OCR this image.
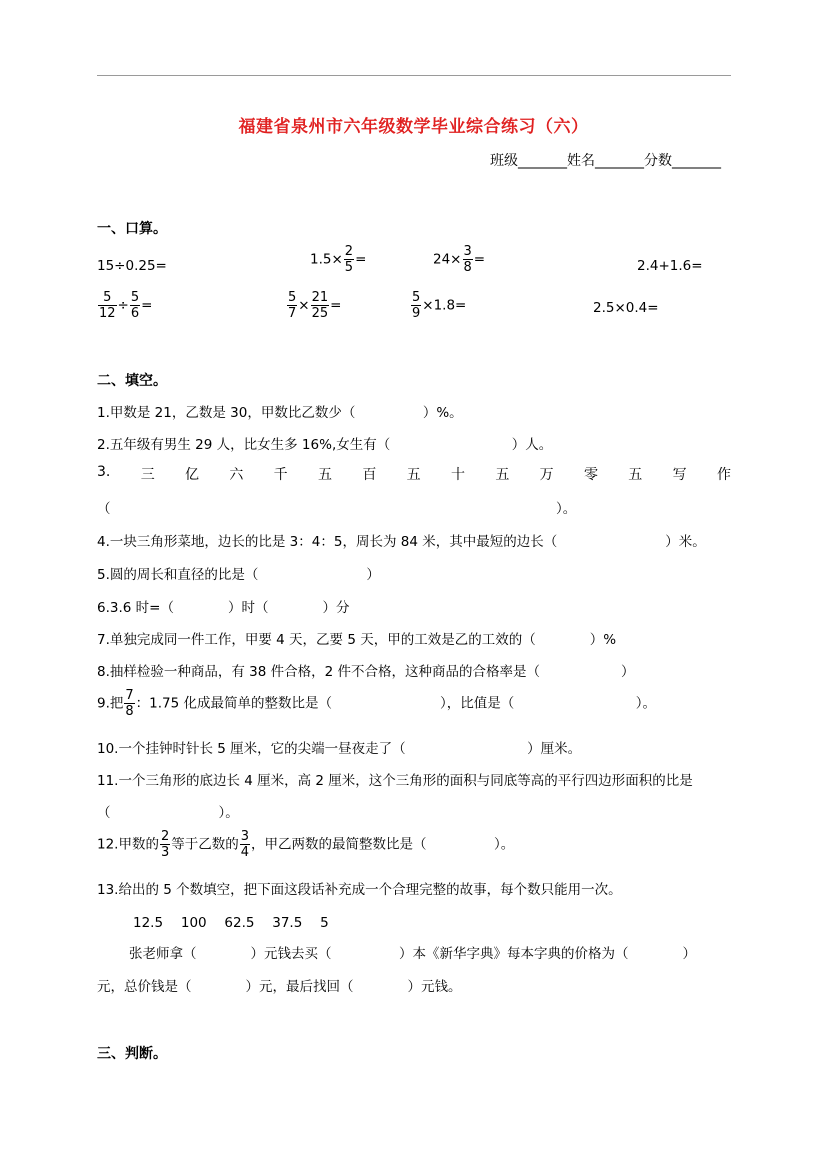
福建省泉州市六年级数学毕业综合练习（六）
班级_______姓名_______分数_______
一、口算。
15÷0.25=	$1.5\times \frac{2}{5}$ =	$24\times \frac{3}{8}$ =	2.4+1.6=
$\frac{5}{12} \div \frac{5}{6}$ =	$\frac{5}{7} \times \frac{21}{25}$ =	$\frac{5}{9} \times 1.8=$	2.5×0.4=
二、填空。
1.甲数是 21，乙数是 30，甲数比乙数少（　　　　　）%。
2.五年级有男生 29 人，比女生多 16%,女生有（　　　　　　　　　）人。
3. 三 亿 六 千 五 百 五 十 五 万 零 五 写 作
（　　　　　　　　　　　　　　　　　　　　　　　　　　　　　　　　　）。
4.一块三角形菜地，边长的比是 3：4：5，周长为 84 米，其中最短的边长（　　　　　　　　）米。
5.圆的周长和直径的比是（　　　　　　　　）
6.3.6 时=（　　　　）时（　　　　）分
7.单独完成同一件工作，甲要 4 天，乙要 5 天，甲的工效是乙的工效的（　　　　）%
8.抽样检验一种商品，有 38 件合格，2 件不合格，这种商品的合格率是（　　　　　　）
9.把 $\frac{7}{8}$ ：1.75 化成最简单的整数比是（　　　　　　　　），比值是（　　　　　　　　　）。
10.一个挂钟时针长 5 厘米，它的尖端一昼夜走了（　　　　　　　　　）厘米。
11.一个三角形的底边长 4 厘米，高 2 厘米，这个三角形的面积与同底等高的平行四边形面积的比是
（　　　　　　　　）。
12.甲数的 $\frac{2}{3}$ 等于乙数的 $\frac{3}{4}$ ，甲乙两数的最简整数比是（　　　　　）。
13.给出的 5 个数填空，把下面这段话补充成一个合理完整的故事，每个数只能用一次。
12.5　 100　 62.5　 37.5　 5
张老师拿（　　　　）元钱去买（　　　　　）本《新华字典》每本字典的价格为（　　　　）
元，总价钱是（　　　　）元，最后找回（　　　　）元钱。
三、判断。
